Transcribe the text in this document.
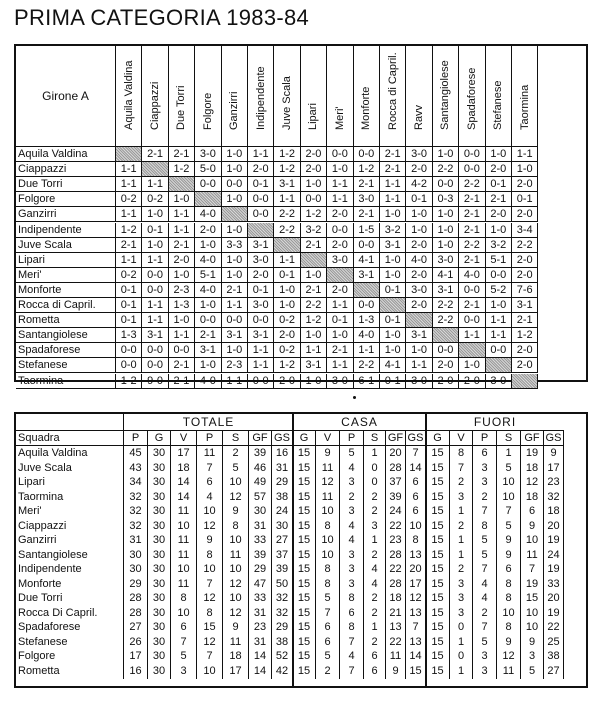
PRIMA CATEGORIA 1983-84
Girone A	Aquila Valdina Ciappazzi Due Torri Folgore Ganzirri Indipendente Juve Scala Lipari Meri' Monforte Rocca di Capril. Ravv Santangiolese Spadaforese Stefanese Taormina
Aquila Valdina	2-1 2-1 3-0 1-0 1-1 1-2 2-0 0-0 0-0 2-1 3-0 1-0 0-0 1-0 1-1
Ciappazzi	1-1	1-2 5-0 1-0 2-0 1-2 2-0 1-0 1-2 2-1 2-0 2-2 0-0 2-0 1-0
Due Torri	1-1 1-1	0-0 0-0 0-1 3-1 1-0 1-1 2-1 1-1 4-2 0-0 2-2 0-1 2-0
Folgore	0-2 0-2 1-0	1-0 0-0 1-1 0-0 1-1 3-0 1-1 0-1 0-3 2-1 2-1 0-1
Ganzirri	1-1 1-0 1-1 4-0	0-0 2-2 1-2 2-0 2-1 1-0 1-0 1-0 2-1 2-0 2-0
Indipendente	1-2 0-1 1-1 2-0 1-0	2-2 3-2 0-0 1-5 3-2 1-0 1-0 2-1 1-0 3-4
Juve Scala	2-1 1-0 2-1 1-0 3-3 3-1	2-1 2-0 0-0 3-1 2-0 1-0 2-2 3-2 2-2
Lipari	1-1 1-1 2-0 4-0 1-0 3-0 1-1	3-0 4-1 1-0 4-0 3-0 2-1 5-1 2-0
Meri'	0-2 0-0 1-0 5-1 1-0 2-0 0-1 1-0	3-1 1-0 2-0 4-1 4-0 0-0 2-0
Monforte	0-1 0-0 2-3 4-0 2-1 0-1 1-0 2-1 2-0	0-1 3-0 3-1 0-0 5-2 7-6
Rocca di Capril.	0-1 1-1 1-3 1-0 1-1 3-0 1-0 2-2 1-1 0-0	2-0 2-2 2-1 1-0 3-1
Rometta	0-1 1-1 1-0 0-0 0-0 0-0 0-2 1-2 0-1 1-3 0-1	2-2 0-0 1-1 2-1
Santangiolese	1-3 3-1 1-1 2-1 3-1 3-1 2-0 1-0 1-0 4-0 1-0 3-1	1-1 1-1 1-2
Spadaforese	0-0 0-0 0-0 3-1 1-0 1-1 0-2 1-1 2-1 1-1 1-0 1-0 0-0	0-0 2-0
Stefanese	0-0 0-0 2-1 1-0 2-3 1-1 1-2 3-1 1-1 2-2 4-1 1-1 2-0 1-0	2-0
Taormina	1-2 9-0 2-1 4-0 1-1 0-0 2-0 1-0 3-0 6-1 0-1 3-0 2-0 2-0 3-0
TOTALE	CASA	FUORI
Squadra	P	G	V	P	S	GF GS G	V	P	S GF GS G	V	P	S	GF GS
Aquila Valdina	45	30	17	11	2	39 16 15	9	5	1	20 7	15	8	6	1	19	9
Juve Scala	43	30	18	7	5	46 31 15	11	4	0	28 14 15	7	3	5	18 17
Lipari	34	30	14	6	10	49 29 15	12	3	0	37 6	15	2	3	10	12 23
Taormina	32	30	14	4	12	57 38 15	11	2	2	39 6	15	3	2	10	18 32
Meri'	32	30	11	10	9	30 24 15	10	3	2	24 6	15	1	7	7	6	18
Ciappazzi	32	30	10	12	8	31 30 15	8	4	3	22 10 15	2	8	5	9	20
Ganzirri	31	30	11	9	10	33 27 15	10	4	1	23 8	15	1	5	9	10 19
Santangiolese	30	30	11	8	11	39 37 15	10	3	2	28 13 15	1	5	9	11 24
Indipendente	30	30	10	10	10	29 39 15	8	3	4	22 20 15	2	7	6	7	19
Monforte	29	30	11	7	12	47 50 15	8	3	4	28 17 15	3	4	8	19 33
Due Torri	28	30	8	12	10	33 32 15	5	8	2	18 12 15	3	4	8	15 20
Rocca Di Capril.	28	30	10	8	12	31 32 15	7	6	2	21 13 15	3	2	10	10 19
Spadaforese	27	30	6	15	9	23 29 15	6	8	1	13 7	15	0	7	8	10 22
Stefanese	26	30	7	12	11	31 38 15	6	7	2	22 13 15	1	5	9	9	25
Folgore	17	30	5	7	18	14 52 15	5	4	6	11 14 15	0	3	12	3	38
Rometta	16	30	3	10	17	14 42 15	2	7	6	9 15 15	1	3	11	5	27
